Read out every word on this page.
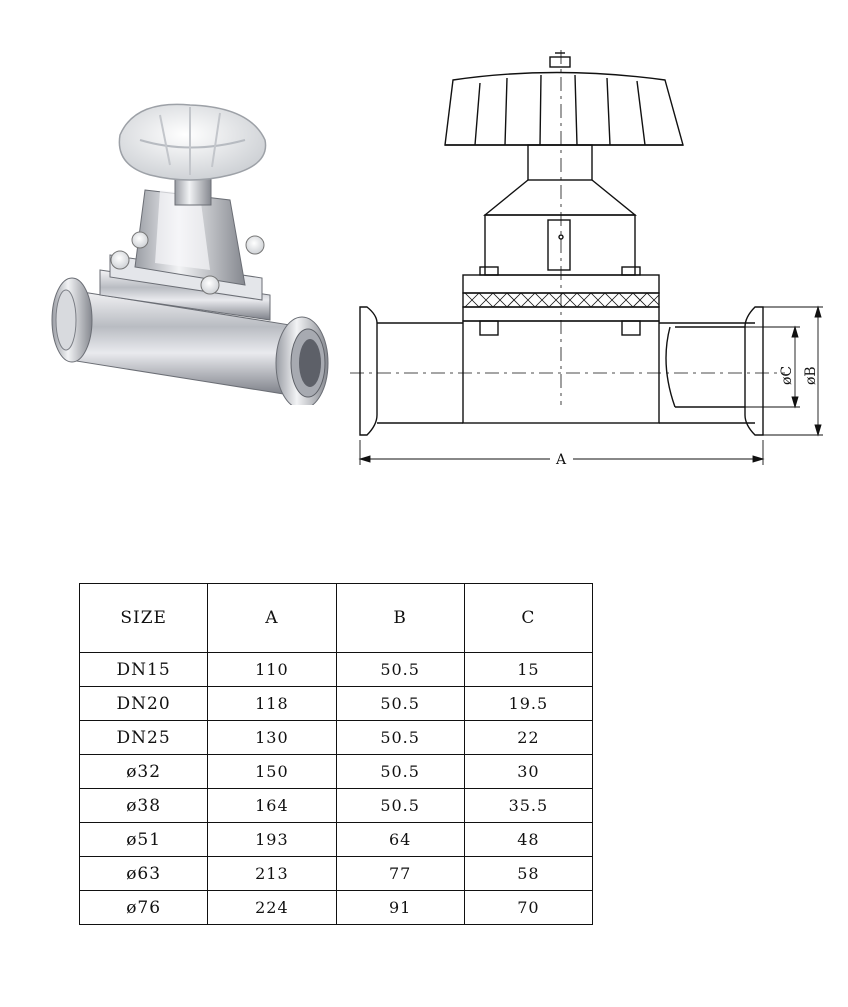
A
øC øB
SIZE	A	B	C
DN15	110	50.5	15
DN20	118	50.5	19.5
DN25	130	50.5	22
ø32	150	50.5	30
ø38	164	50.5	35.5
ø51	193	64	48
ø63	213	77	58
ø76	224	91	70
